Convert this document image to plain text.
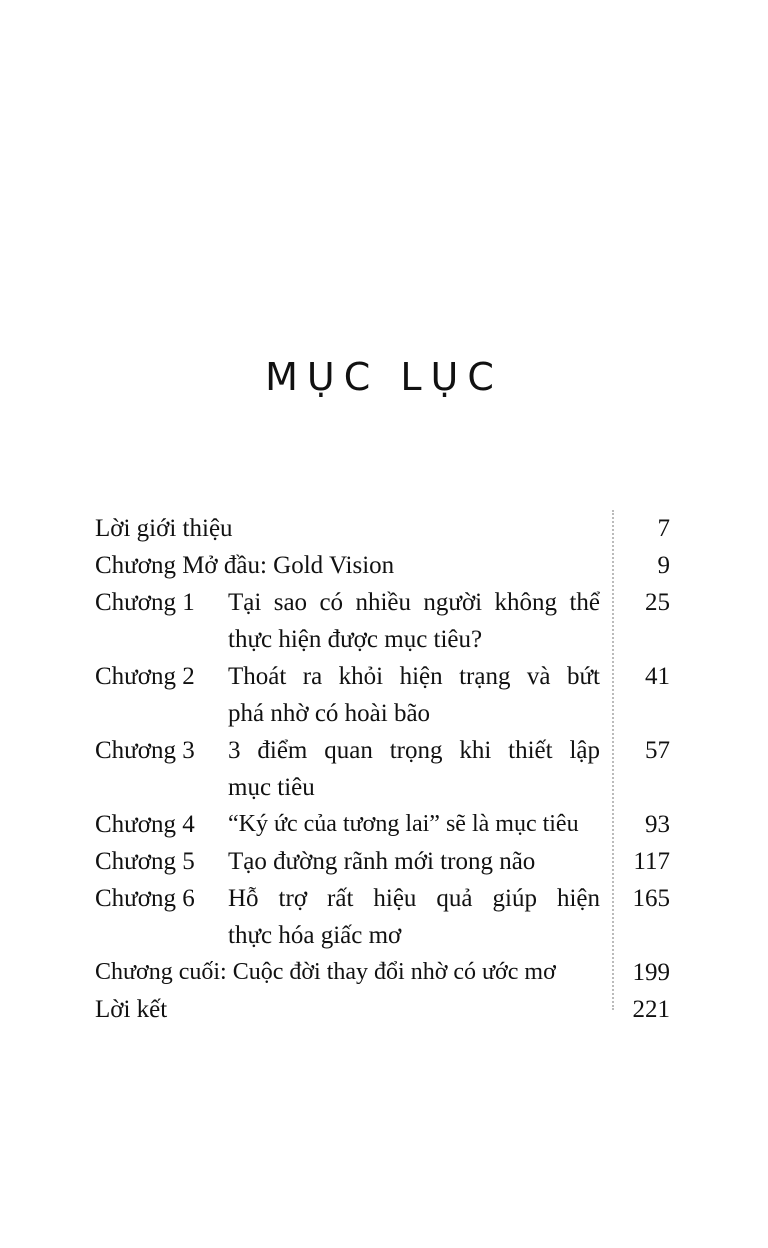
MỤC LỤC
Lời giới thiệu	7
Chương Mở đầu: Gold Vision	9
Chương 1	Tại sao có nhiều người không thể	25
thực hiện được mục tiêu?
Chương 2	Thoát ra khỏi hiện trạng và bứt	41
phá nhờ có hoài bão
Chương 3	3 điểm quan trọng khi thiết lập	57
mục tiêu
Chương 4	“Ký ức của tương lai” sẽ là mục tiêu	93
Chương 5	Tạo đường rãnh mới trong não	117
Chương 6	Hỗ trợ rất hiệu quả giúp hiện	165
thực hóa giấc mơ
Chương cuối: Cuộc đời thay đổi nhờ có ước mơ	199
Lời kết	221
